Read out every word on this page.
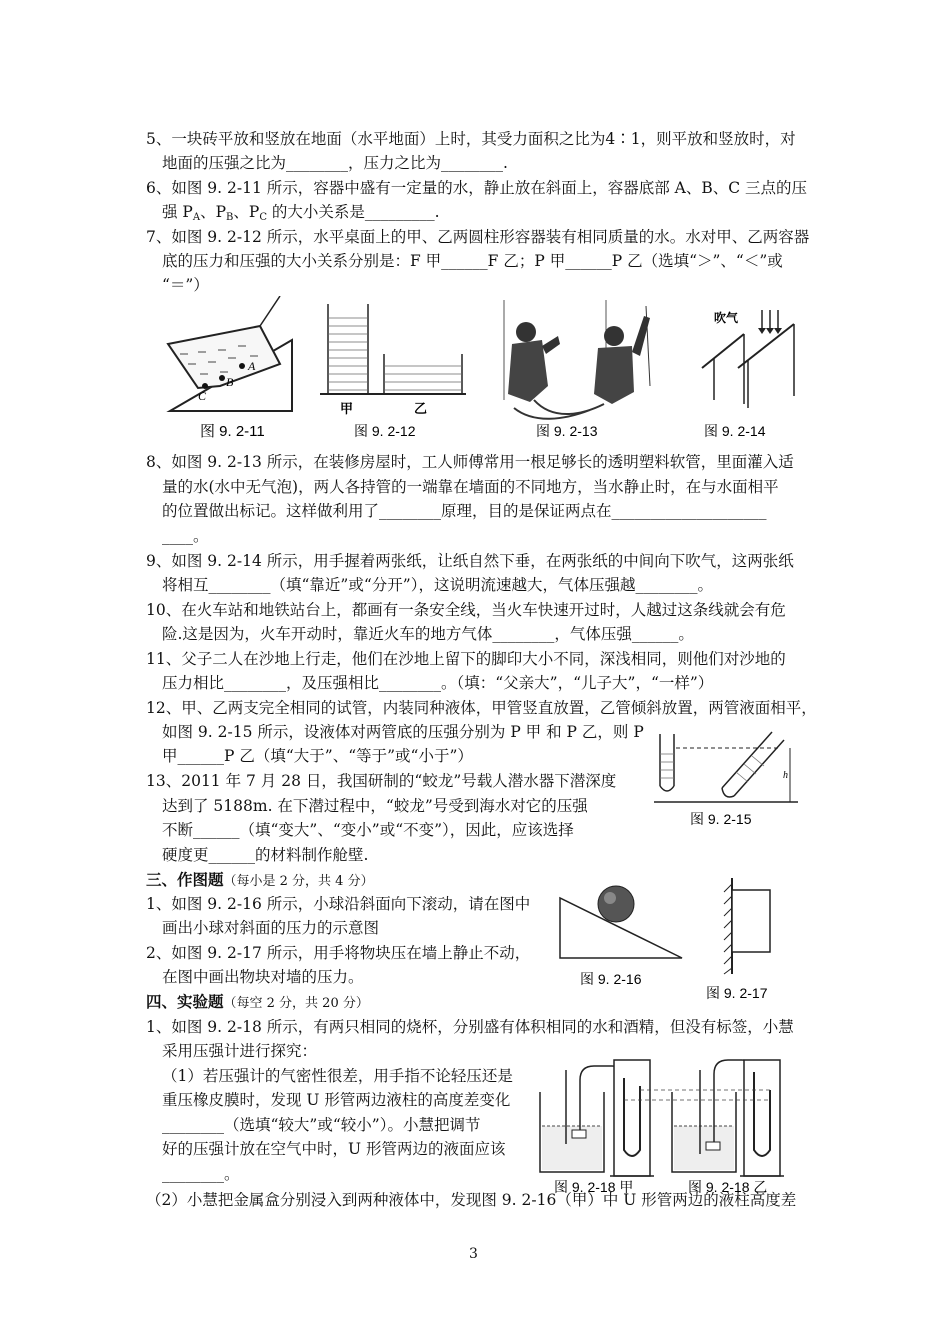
5、一块砖平放和竖放在地面（水平地面）上时，其受力面积之比为4∶1，则平放和竖放时，对
地面的压强之比为________，压力之比为________.
6、如图 9. 2-11 所示，容器中盛有一定量的水，静止放在斜面上，容器底部 A、B、C 三点的压
强 $P_A$、$P_B$、$P_C$ 的大小关系是_________.
7、如图 9. 2-12 所示，水平桌面上的甲、乙两圆柱形容器装有相同质量的水。水对甲、乙两容器
底的压力和压强的大小关系分别是：F 甲______F 乙；P 甲______P 乙（选填“＞”、“＜”或
“＝”）
A
B
C
图 9. 2-11
甲	乙
图 9. 2-12	图 9. 2-13
吹气
图 9. 2-14
8、如图 9. 2-13 所示，在装修房屋时，工人师傅常用一根足够长的透明塑料软管，里面灌入适
量的水(水中无气泡)，两人各持管的一端靠在墙面的不同地方，当水静止时，在与水面相平
的位置做出标记。这样做利用了________原理，目的是保证两点在____________________
____。
9、如图 9. 2-14 所示，用手握着两张纸，让纸自然下垂，在两张纸的中间向下吹气，这两张纸
将相互________（填“靠近”或“分开”），这说明流速越大，气体压强越________。
10、在火车站和地铁站台上，都画有一条安全线，当火车快速开过时，人越过这条线就会有危
险.这是因为，火车开动时，靠近火车的地方气体________，气体压强______。
11、父子二人在沙地上行走，他们在沙地上留下的脚印大小不同，深浅相同，则他们对沙地的
压力相比________，及压强相比________。（填：“父亲大”，“儿子大”，“一样”）
12、甲、乙两支完全相同的试管，内装同种液体，甲管竖直放置，乙管倾斜放置，两管液面相平，
如图 9. 2-15 所示，设液体对两管底的压强分别为 P 甲 和 P 乙，则 P
甲______P 乙（填“大于”、“等于”或“小于”）
h
图 9. 2-15
13、2011 年 7 月 28 日，我国研制的“蛟龙”号载人潜水器下潜深度
达到了 5188m. 在下潜过程中，“蛟龙”号受到海水对它的压强
不断______（填“变大”、“变小”或“不变”），因此，应该选择
硬度更______的材料制作舱壁.
三、作图题（每小是 2 分，共 4 分）
1、如图 9. 2-16 所示，小球沿斜面向下滚动，请在图中
画出小球对斜面的压力的示意图
2、如图 9. 2-17 所示，用手将物块压在墙上静止不动，
在图中画出物块对墙的压力。	图 9. 2-16
图 9. 2-17
四、实验题（每空 2 分，共 20 分）
1、如图 9. 2-18 所示，有两只相同的烧杯，分别盛有体积相同的水和酒精，但没有标签，小慧
采用压强计进行探究：
（1）若压强计的气密性很差，用手指不论轻压还是
重压橡皮膜时，发现 U 形管两边液柱的高度差变化
________（选填“较大”或“较小”）。小慧把调节
好的压强计放在空气中时，U 形管两边的液面应该
________。
（2）小慧把金属盒分别浸入到两种液体中，发现图 9. 2-16（甲）中 U 形管两边的液柱高度差
图 9. 2-18 甲	图 9. 2-18 乙
3
